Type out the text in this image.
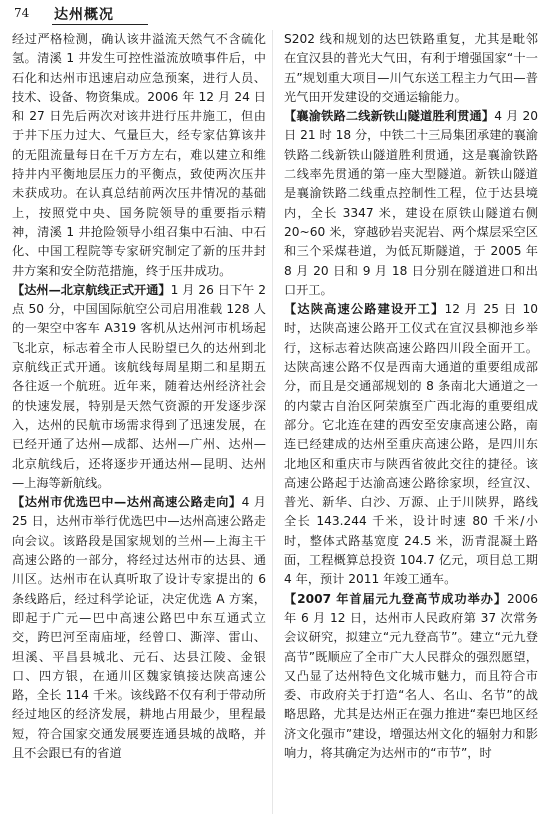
74 达州概况

经过严格检测，确认该井溢流天然气不含硫化氢。清溪 1 井发生可控性溢流放喷事件后，中石化和达州市迅速启动应急预案，进行人员、技术、设备、物资集成。2006 年 12 月 24 日和 27 日先后两次对该井进行压井施工，但由于井下压力过大、气量巨大，经专家估算该井的无阻流量每日在千万方左右，难以建立和维持井内平衡地层压力的平衡点，致使两次压井未获成功。在认真总结前两次压井情况的基础上，按照党中央、国务院领导的重要指示精神，清溪 1 井抢险领导小组召集中石油、中石化、中国工程院等专家研究制定了新的压井封井方案和安全防范措施，终于压井成功。

【达州—北京航线正式开通】1 月 26 日下午 2 点 50 分，中国国际航空公司启用准载 128 人的一架空中客车 A319 客机从达州河市机场起飞北京，标志着全市人民盼望已久的达州到北京航线正式开通。该航线每周星期二和星期五各往返一个航班。近年来，随着达州经济社会的快速发展，特别是天然气资源的开发逐步深入，达州的民航市场需求得到了迅速发展，在已经开通了达州—成都、达州—广州、达州—北京航线后，还将逐步开通达州—昆明、达州—上海等新航线。

【达州市优选巴中—达州高速公路走向】4 月 25 日，达州市举行优选巴中—达州高速公路走向会议。该路段是国家规划的兰州—上海主干高速公路的一部分，将经过达州市的达县、通川区。达州市在认真听取了设计专家提出的 6 条线路后，经过科学论证，决定优选 A 方案，即起于广元—巴中高速公路巴中东互通式立交，跨巴河至南庙垭，经曾口、澌滓、雷山、坦溪、平昌县城北、元石、达县江陵、金银口、四方银，在通川区魏家镇接达陕高速公路，全长 114 千米。该线路不仅有利于带动所经过地区的经济发展，耕地占用最少，里程最短，符合国家交通发展要连通县城的战略，并且不会跟已有的省道

S202 线和规划的达巴铁路重复，尤其是毗邻在宜汉县的普光大气田，有利于增强国家“十一五”规划重大项目—川气东送工程主力气田—普光气田开发建设的交通运输能力。

【襄渝铁路二线新铁山隧道胜利贯通】4 月 20 日 21 时 18 分，中铁二十三局集团承建的襄渝铁路二线新铁山隧道胜利贯通，这是襄渝铁路二线率先贯通的第一座大型隧道。新铁山隧道是襄渝铁路二线重点控制性工程，位于达县境内，全长 3347 米，建设在原铁山隧道右侧 20~60 米，穿越砂岩夹泥岩、两个煤层采空区和三个采煤巷道，为低瓦斯隧道，于 2005 年 8 月 20 日和 9 月 18 日分别在隧道进口和出口开工。

【达陕高速公路建设开工】12 月 25 日 10 时，达陕高速公路开工仪式在宣汉县柳池乡举行，这标志着达陕高速公路四川段全面开工。达陕高速公路不仅是西南大通道的重要组成部分，而且是交通部规划的 8 条南北大通道之一的内蒙古自治区阿荣旗至广西北海的重要组成部分。它北连在建的西安至安康高速公路，南连已经建成的达州至重庆高速公路，是四川东北地区和重庆市与陕西省彼此交往的捷径。该高速公路起于达渝高速公路徐家坝，经宣汉、普光、新华、白沙、万源、止于川陕界，路线全长 143.244 千米，设计时速 80 千米/小时，整体式路基宽度 24.5 米，沥青混凝土路面，工程概算总投资 104.7 亿元，项目总工期 4 年，预计 2011 年竣工通车。

【2007 年首届元九登高节成功举办】2006 年 6 月 12 日，达州市人民政府第 37 次常务会议研究，拟建立“元九登高节”。建立“元九登高节”既顺应了全市广大人民群众的强烈愿望，又凸显了达州特色文化城市魅力，而且符合市委、市政府关于打造“名人、名山、名节”的战略思路，尤其是达州正在强力推进“秦巴地区经济文化强市”建设，增强达州文化的辐射力和影响力，将其确定为达州市的“市节”，时
